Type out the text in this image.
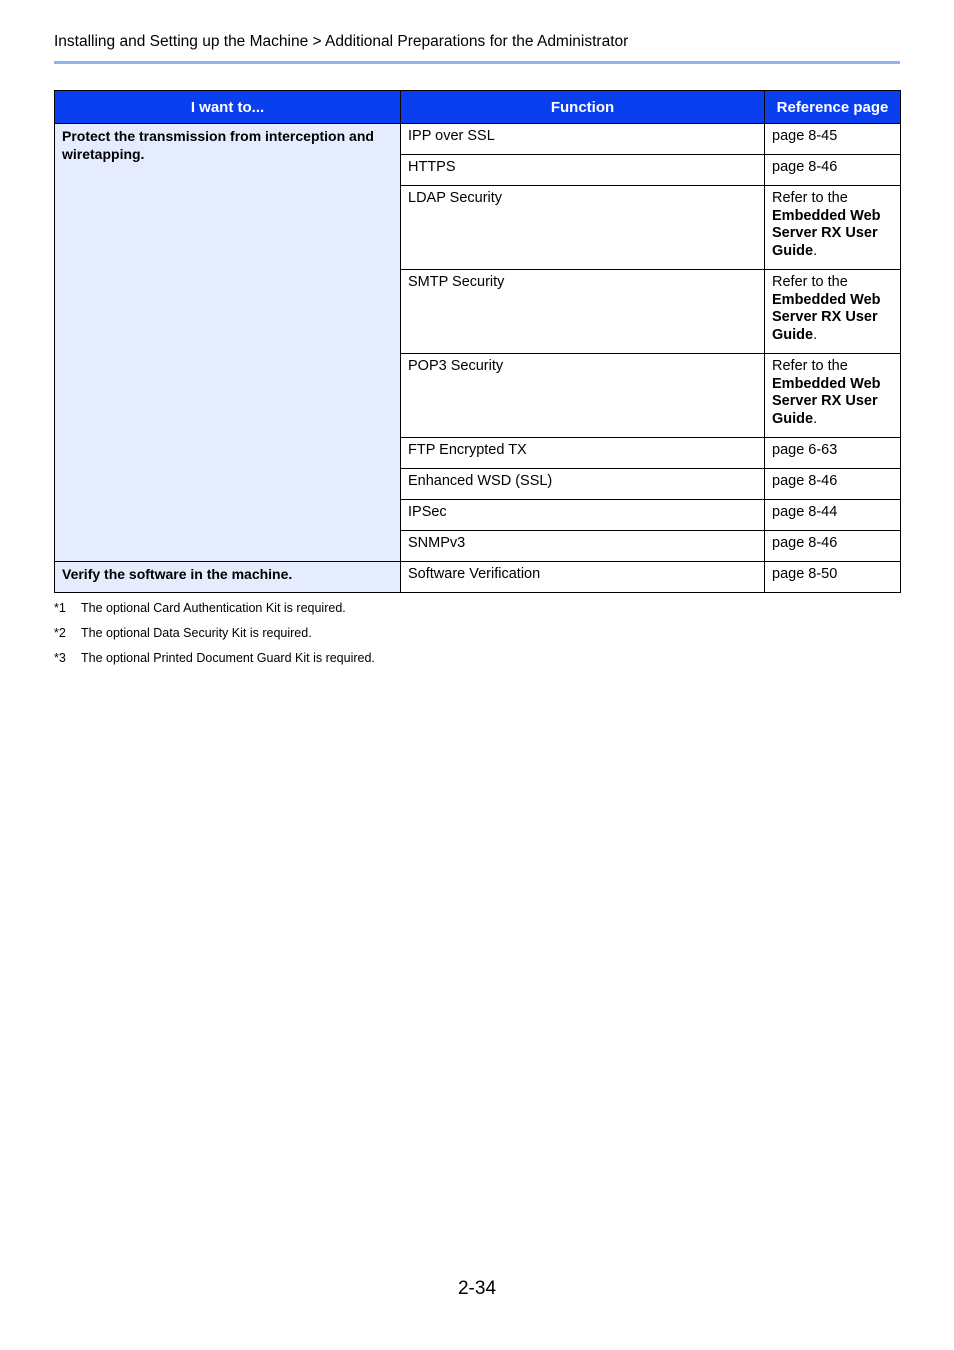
Installing and Setting up the Machine > Additional Preparations for the Administrator
I want to...	Function	Reference page
Protect the transmission from interception and wiretapping.	IPP over SSL	page 8-45
	HTTPS	page 8-46
	LDAP Security	Refer to the Embedded Web Server RX User Guide.
	SMTP Security	Refer to the Embedded Web Server RX User Guide.
	POP3 Security	Refer to the Embedded Web Server RX User Guide.
	FTP Encrypted TX	page 6-63
	Enhanced WSD (SSL)	page 8-46
	IPSec	page 8-44
	SNMPv3	page 8-46
Verify the software in the machine.	Software Verification	page 8-50
*1	The optional Card Authentication Kit is required.
*2	The optional Data Security Kit is required.
*3	The optional Printed Document Guard Kit is required.
2-34
